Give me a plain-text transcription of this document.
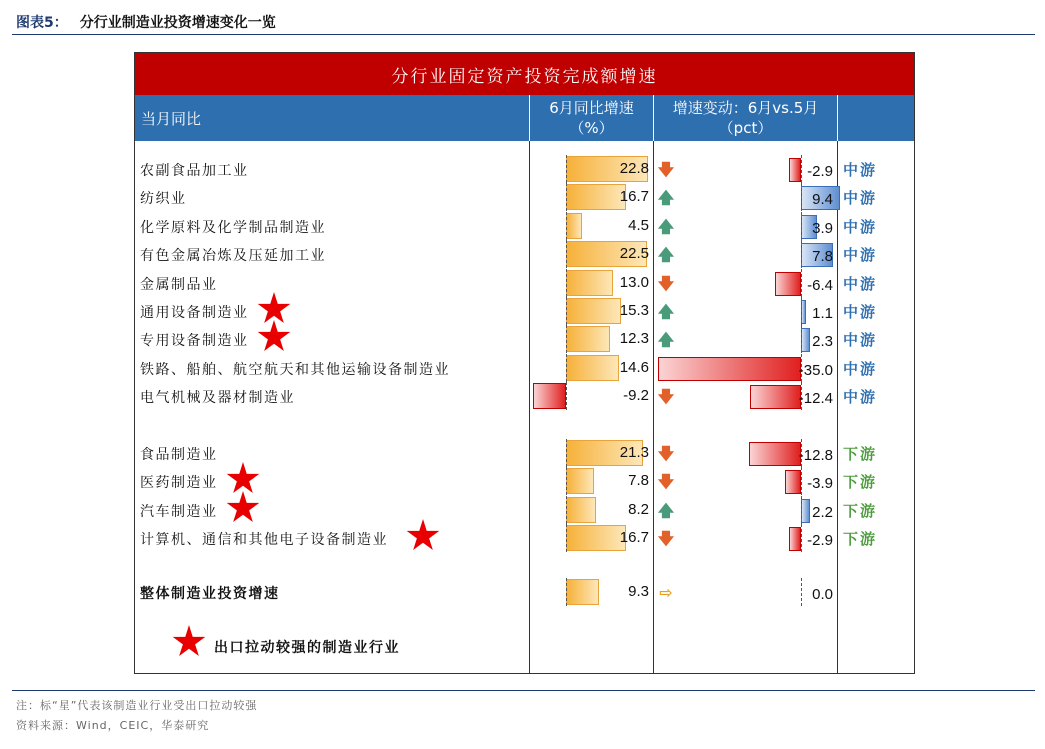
图表5： 分行业制造业投资增速变化一览
分行业固定资产投资完成额增速
当月同比
6月同比增速
（%）
增速变动：6月vs.5月
（pct）
农副食品加工业	22.8 🡇	-2.9 中游
纺织业	16.7 🡅	9.4 中游
化学原料及化学制品制造业	4.5 🡅	3.9 中游
有色金属冶炼及压延加工业	22.5 🡅	7.8 中游
金属制品业	13.0 🡇	-6.4 中游
通用设备制造业	15.3 🡅	1.1 中游
专用设备制造业	12.3 🡅	2.3 中游
铁路、船舶、航空航天和其他运输设备制造业	14.6	-35.0 中游
电气机械及器材制造业	-9.2 🡇	-12.4 中游
食品制造业	21.3 🡇	-12.8 下游
医药制造业	7.8 🡇	-3.9 下游
汽车制造业	8.2 🡅	2.2 下游
计算机、通信和其他电子设备制造业	16.7 🡇	-2.9 下游
整体制造业投资增速	9.3 ⇨	0.0
出口拉动较强的制造业行业
注：标“星”代表该制造业行业受出口拉动较强
资料来源：Wind，CEIC，华泰研究
